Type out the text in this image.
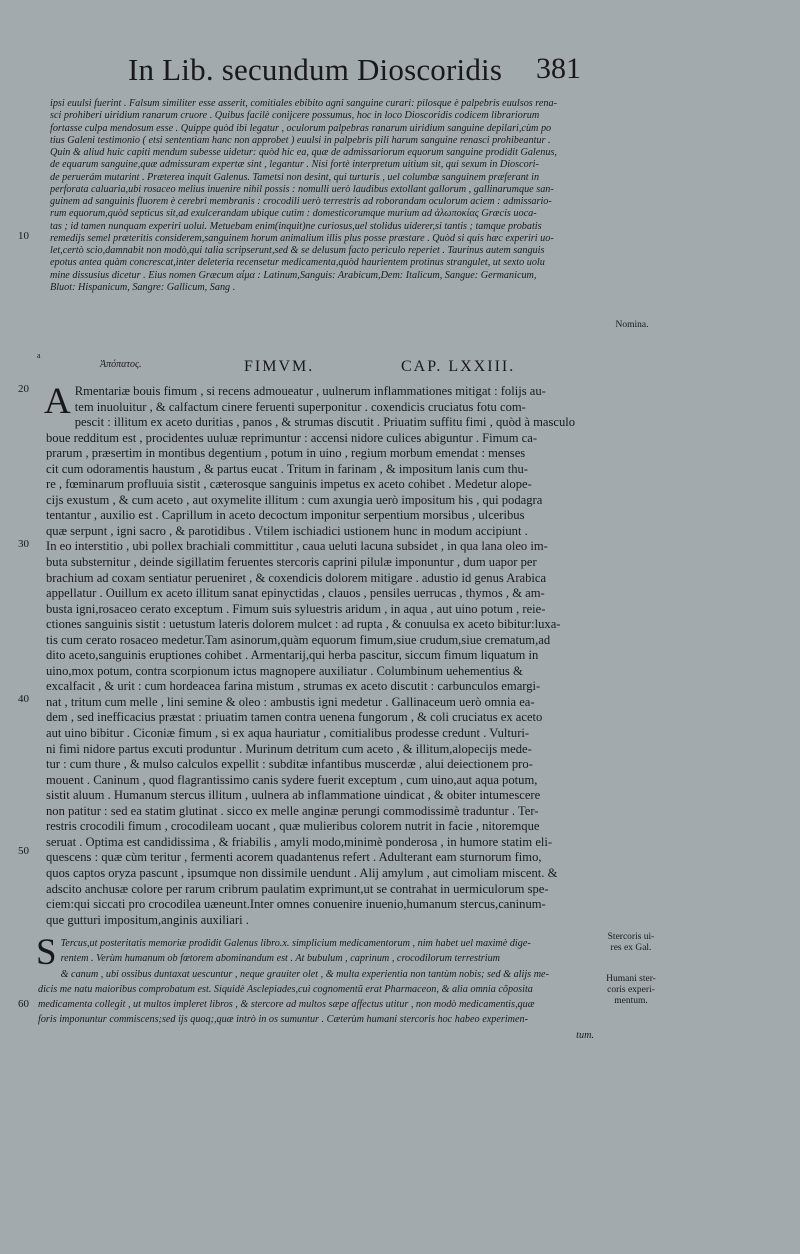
In Lib. secundum Dioscoridis 381
ipsi euulsi fuerint . Falsum similiter esse asserit, comitiales ebibito agni sanguine curari: pilosque è palpebris euulsos rena-
sci prohiberi uiridium ranarum cruore . Quibus facilè conijcere possumus, hoc in loco Dioscoridis codicem librariorum
fortasse culpa mendosum esse . Quippe quòd ibi legatur , oculorum palpebras ranarum uiridium sanguine depilari,cùm po
tius Galeni testimonio ( etsi sententiam hanc non approbet ) euulsi in palpebris pili harum sanguine renasci prohibeantur .
Quin & aliud huic capiti mendum subesse uidetur: quòd hic ea, quæ de admissariorum equorum sanguine prodidit Galenus,
de equarum sanguine,quæ admissuram expertæ sint , legantur . Nisi fortè interpretum uitium sit, qui sexum in Dioscori-
de peruerám mutarint . Præterea inquit Galenus. Tametsi non desint, qui turturis , uel columbæ sanguinem præferant in
perforata caluaria,ubi rosaceo melius inuenire nihil possis : nomulli uerò laudibus extollant gallorum , gallinarumque san-
guinem ad sanguinis fluorem è cerebri membranis : crocodili uerò terrestris ad roborandam oculorum aciem : admissario-
rum equorum,quòd septicus sit,ad exulcerandam ubique cutim : domesticorumque murium ad ἀλωποκίας Græcis uoca-
tas ; id tamen nunquam experiri uolui. Metuebam enim(inquit)ne curiosus,uel stolidus uiderer,si tantis ; tamque probatis
remedijs semel præteritis considerem,sanguinem horum animalium illis plus posse præstare . Quòd si quis hæc experiri uo-
let,certò scio,damnabit non modò,qui talia scripserunt,sed & se delusum facto periculo reperiet . Taurinus autem sanguis
epotus antea quàm concrescat,inter deleteria recensetur medicamenta,quòd haurientem protinus strangulet, ut sexto uolu
mine dissusius dicetur . Eius nomen Græcum αἷμα : Latinum,Sanguis: Arabicum,Dem: Italicum, Sangue: Germanicum,
Bluot: Hispanicum, Sangre: Gallicum, Sang .
10
Nomina.
a
Ἀπόπατος.	FIMVM.	CAP. LXXIII.
A Rmentariæ bouis fimum , si recens admoueatur , uulnerum inflammationes mitigat : folijs au-
tem inuoluitur , & calfactum cinere feruenti superponitur . coxendicis cruciatus fotu com-
pescit : illitum ex aceto duritias , panos , & strumas discutit . Priuatim suffitu fimi , quòd à masculo
boue redditum est , procidentes uuluæ reprimuntur : accensi nidore culices abiguntur . Fimum ca-
prarum , præsertim in montibus degentium , potum in uino , regium morbum emendat : menses
cit cum odoramentis haustum , & partus eucat . Tritum in farinam , & impositum lanis cum thu-
re , fœminarum profluuia sistit , cæterosque sanguinis impetus ex aceto cohibet . Medetur alope-
cijs exustum , & cum aceto , aut oxymelite illitum : cum axungia uerò impositum his , qui podagra
tentantur , auxilio est . Caprillum in aceto decoctum imponitur serpentium morsibus , ulceribus
quæ serpunt , igni sacro , & parotidibus . Vtilem ischiadici ustionem hunc in modum accipiunt .
In eo interstitio , ubi pollex brachiali committitur , caua ueluti lacuna subsidet , in qua lana oleo im-
buta substernitur , deinde sigillatim feruentes stercoris caprini pilulæ imponuntur , dum uapor per
brachium ad coxam sentiatur perueniret , & coxendicis dolorem mitigare . adustio id genus Arabica
appellatur . Ouillum ex aceto illitum sanat epinyctidas , clauos , pensiles uerrucas , thymos , & am-
busta igni,rosaceo cerato exceptum . Fimum suis syluestris aridum , in aqua , aut uino potum , reie-
ctiones sanguinis sistit : uetustum lateris dolorem mulcet : ad rupta , & conuulsa ex aceto bibitur:luxa-
tis cum cerato rosaceo medetur.Tam asinorum,quàm equorum fimum,siue crudum,siue crematum,ad
dito aceto,sanguinis eruptiones cohibet . Armentarij,qui herba pascitur, siccum fimum liquatum in
uino,mox potum, contra scorpionum ictus magnopere auxiliatur . Columbinum uehementius &
excalfacit , & urit : cum hordeacea farina mistum , strumas ex aceto discutit : carbunculos emargi-
nat , tritum cum melle , lini semine & oleo : ambustis igni medetur . Gallinaceum uerò omnia ea-
dem , sed inefficacius præstat : priuatim tamen contra uenena fungorum , & coli cruciatus ex aceto
aut uino bibitur . Ciconiæ fimum , si ex aqua hauriatur , comitialibus prodesse credunt . Vulturi-
ni fimi nidore partus excuti produntur . Murinum detritum cum aceto , & illitum,alopecijs mede-
tur : cum thure , & mulso calculos expellit : subditæ infantibus muscerdæ , alui deiectionem pro-
mouent . Caninum , quod flagrantissimo canis sydere fuerit exceptum , cum uino,aut aqua potum,
sistit aluum . Humanum stercus illitum , uulnera ab inflammatione uindicat , & obiter intumescere
non patitur : sed ea statim glutinat . sicco ex melle anginæ perungi commodissimè traduntur . Ter-
restris crocodili fimum , crocodileam uocant , quæ mulieribus colorem nutrit in facie , nitoremque
seruat . Optima est candidissima , & friabilis , amyli modo,minimè ponderosa , in humore statim eli-
quescens : quæ cùm teritur , fermenti acorem quadantenus refert . Adulterant eam sturnorum fimo,
quos captos oryza pascunt , ipsumque non dissimile uendunt . Alij amylum , aut cimoliam miscent. &
adscito anchusæ colore per rarum cribrum paulatim exprimunt,ut se contrahat in uermiculorum spe-
ciem:qui siccati pro crocodilea uæneunt.Inter omnes conuenire inuenio,humanum stercus,caninum-
que gutturi impositum,anginis auxiliari .
20
30
40
50
S Tercus,ut posteritatis memoriæ prodidit Galenus libro.x. simplicium medicamentorum , nim habet uel maximè dige-
rentem . Verùm humanum ob fœtorem abominandum est . At bubulum , caprinum , crocodilorum terrestrium
& canum , ubi ossibus duntaxat uescuntur , neque grauiter olet , & multa experientia non tantùm nobis; sed & alijs me-
dicis me natu maioribus comprobatum est. Siquidè Asclepiades,cui cognomentũ erat Pharmaceon, & alia omnia cõposita
medicamenta collegit , ut multos impleret libros , & stercore ad multos sæpe affectus utitur , non modò medicamentis,quæ
foris imponuntur commiscens;sed ijs quoq;,quæ intrò in os sumuntur . Cæterùm humani stercoris hoc habeo experimen-
tum.
60
Stercoris ui-
res ex Gal.
Humani ster-
coris experi-
mentum.
